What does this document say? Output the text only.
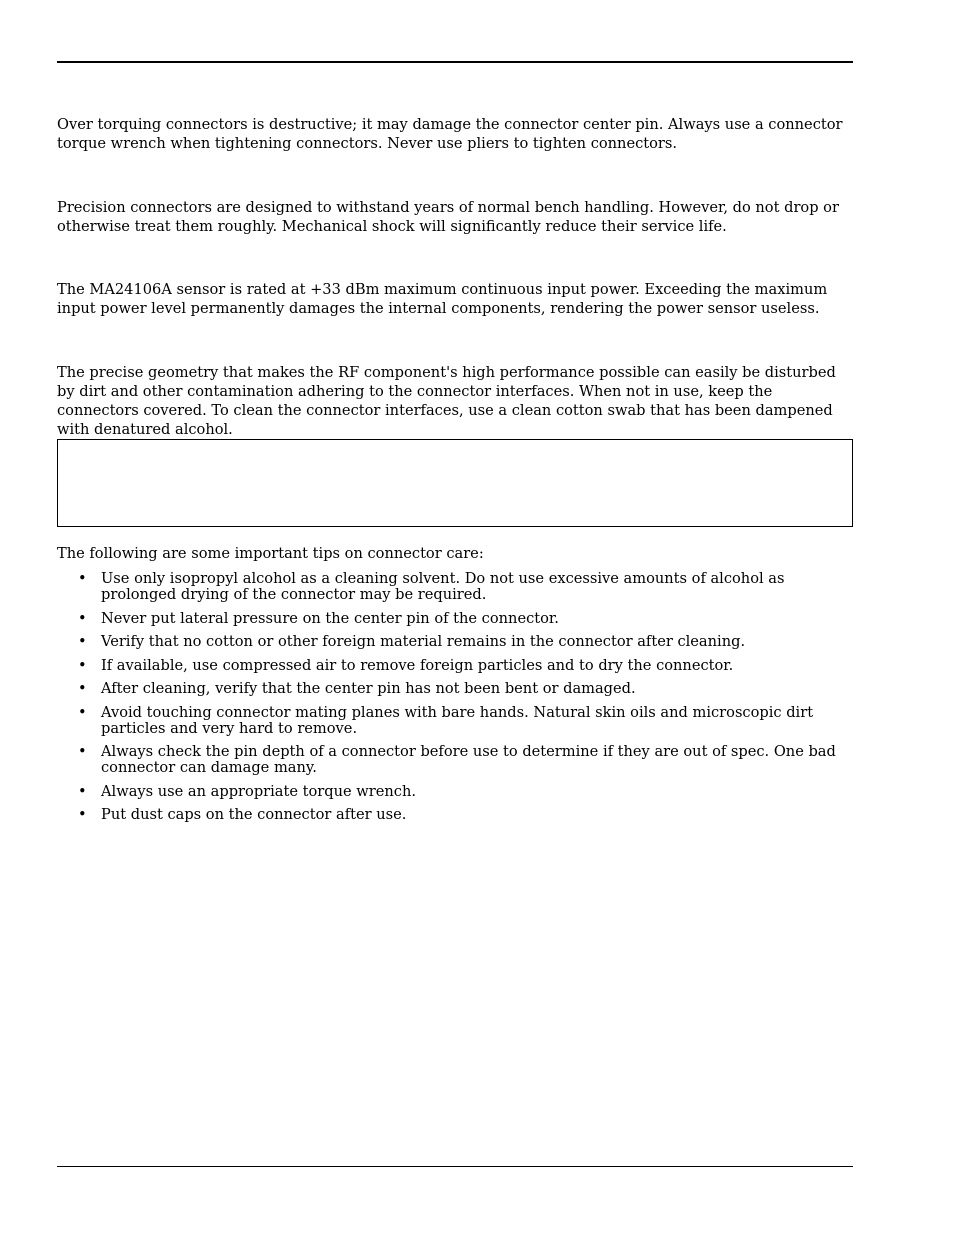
Over torquing connectors is destructive; it may damage the connector center pin. Always use a connector torque wrench when tightening connectors. Never use pliers to tighten connectors.

Precision connectors are designed to withstand years of normal bench handling. However, do not drop or otherwise treat them roughly. Mechanical shock will significantly reduce their service life.

The MA24106A sensor is rated at +33 dBm maximum continuous input power. Exceeding the maximum input power level permanently damages the internal components, rendering the power sensor useless.

The precise geometry that makes the RF component's high performance possible can easily be disturbed by dirt and other contamination adhering to the connector interfaces. When not in use, keep the connectors covered. To clean the connector interfaces, use a clean cotton swab that has been dampened with denatured alcohol.

The following are some important tips on connector care:

• Use only isopropyl alcohol as a cleaning solvent. Do not use excessive amounts of alcohol as prolonged drying of the connector may be required.
• Never put lateral pressure on the center pin of the connector.
• Verify that no cotton or other foreign material remains in the connector after cleaning.
• If available, use compressed air to remove foreign particles and to dry the connector.
• After cleaning, verify that the center pin has not been bent or damaged.
• Avoid touching connector mating planes with bare hands. Natural skin oils and microscopic dirt particles and very hard to remove.
• Always check the pin depth of a connector before use to determine if they are out of spec. One bad connector can damage many.
• Always use an appropriate torque wrench.
• Put dust caps on the connector after use.
